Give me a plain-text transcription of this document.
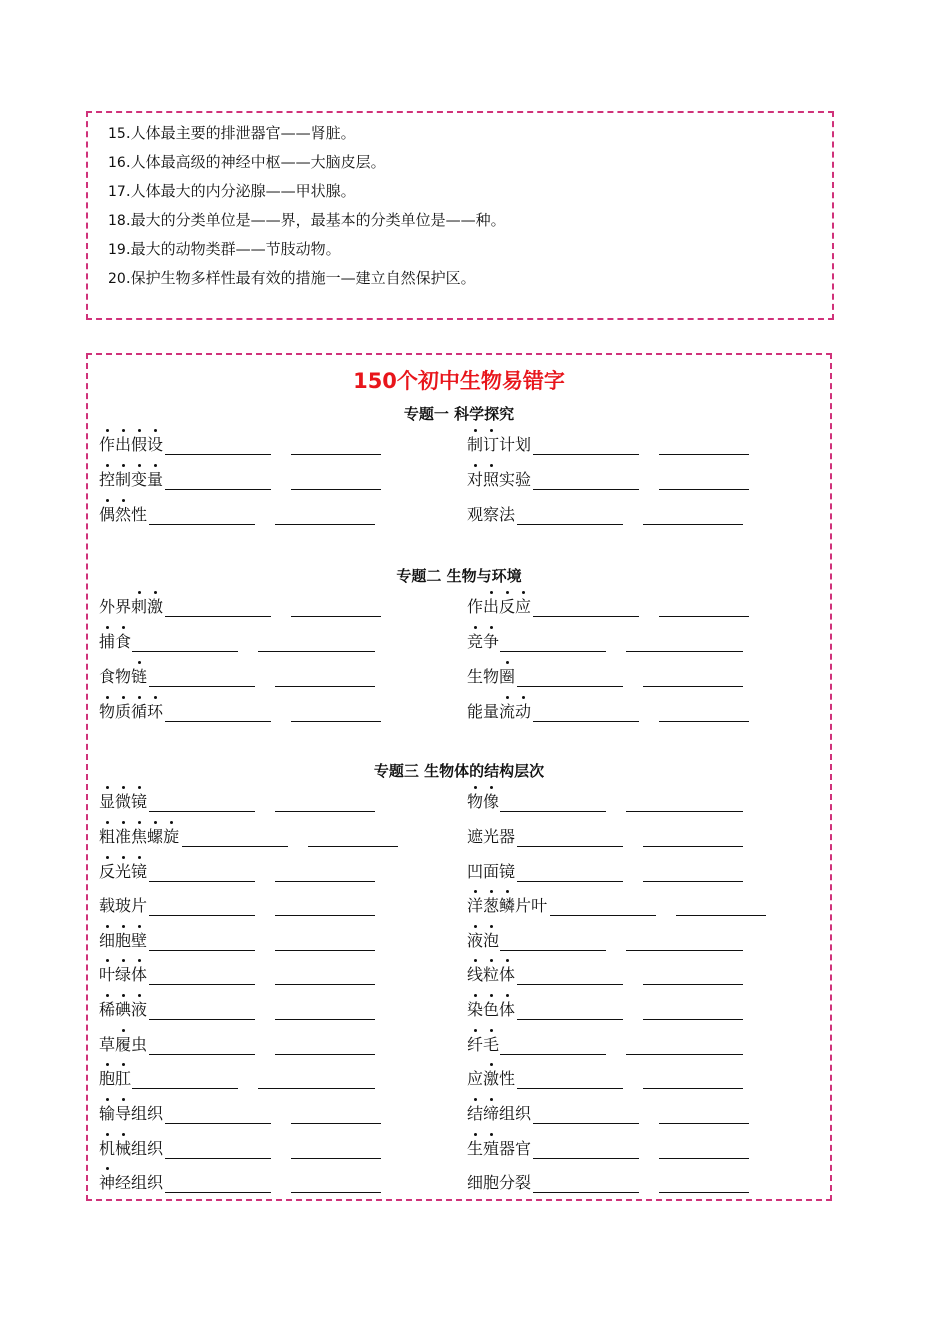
15.人体最主要的排泄器官——肾脏。
16.人体最高级的神经中枢——大脑皮层。
17.人体最大的内分泌腺——甲状腺。
18.最大的分类单位是——界，最基本的分类单位是——种。
19.最大的动物类群——节肢动物。
20.保护生物多样性最有效的措施一—建立自然保护区。
150个初中生物易错字
专题一 科学探究
作出假设	制订计划
控制变量	对照实验
偶然性	观察法
专题二 生物与环境
外界刺激	作出反应
捕食	竞争
食物链	生物圈
物质循环	能量流动
专题三 生物体的结构层次
显微镜	物像
粗准焦螺旋	遮光器
反光镜	凹面镜
载玻片	洋葱鳞片叶
细胞壁	液泡
叶绿体	线粒体
稀碘液	染色体
草履虫	纤毛
胞肛	应激性
输导组织	结缔组织
机械组织	生殖器官
神经组织	细胞分裂
